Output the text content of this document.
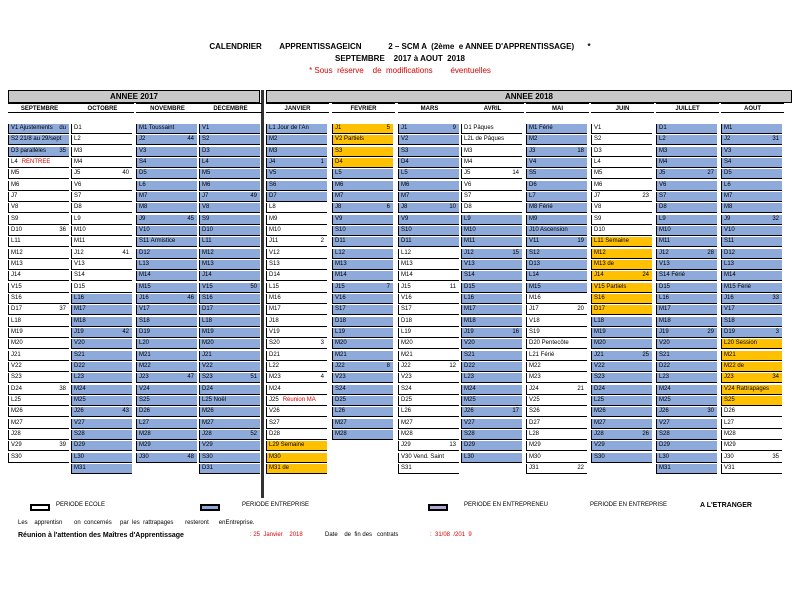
CALENDRIER        APPRENTISSAGEICN            2 – SCM A  (2ème  e ANNEE D'APPRENTISSAGE)      *
SEPTEMBRE    2017 à AOUT  2018
* Sous  réserve    de  modifications        éventuelles
ANNEE 2017	ANNEE 2018
SEPTEMBRE
V1 Ajustements du
S2 21/8 au 29/sept
D3 parallèles 35
L4 RENTREE
M5
M6
J7
V8
S9
D10	36
L11
M12
M13
J14
V15
S16
D17	37
L18
M19
M20
J21
V22
S23
D24	38
L25
M26
M27
J28
V29	39
S30
OCTOBRE
D1
L2
M3
M4
J5	40
V6
S7
D8
L9
M10
M11
J12	41
V13
S14
D15
L16
M17
M18
J19	42
V20
S21
D22
L23
M24
M25
J26	43
V27
S28
D29
L30
M31
NOVEMBRE
M1 Toussaint
J2	44
V3
S4
D5
L6
M7
M8
J9	45
V10
S11 Armistice
D12
L13
M14
M15
J16	46
V17
S18
D19
L20
M21
M22
J23	47
V24
S25
D26
L27
M28
M29
J30	48
DECEMBRE
V1
S2
D3
L4
M5
M6
J7	49
V8
S9
D10
L11
M12
M13
J14
V15	50
S16
D17
L18
M19
M20
J21
V22
S23	51
D24
L25 Noël
M26
M27
J28	52
V29
S30
D31
JANVIER
L1 Jour de l'An
M2
M3
J4	1
V5
S6
D7
L8
M9
M10
J11	2
V12
S13
D14
L15
M16
M17
J18
V19
S20	3
D21
L22
M23	4
M24
J25 Réunion MA
V26
S27
D28
L29 Semaine
M30
M31 de
FEVRIER
J1	5
V2 Partiels
S3
D4
L5
M6
M7
J8	6
V9
S10
D11
L12
M13
M14
J15	7
V16
S17
D18
L19
M20
M21
J22	8
V23
S24
D25
L26
M27
M28
MARS
J1	9
V2
S3
D4
L5
M6
M7
J8	10
V9
S10
D11
L12
M13
M14
J15	11
V16
S17
D18
L19
M20
M21
J22	12
V23
S24
D25
L26
M27
M28
J29	13
V30 Vend. Saint
S31
AVRIL
D1 Pâques
L2L de Pâques
M3
M4
J5	14
V6
S7
D8
L9
M10
M11
J12	15
V13
S14
D15
L16
M17
M18
J19	16
V20
S21
D22
L23
M24
M25
J26	17
V27
S28
D29
L30
MAI
M1 Férié
M2
J3	18
V4
S5
D6
L7
M8 Férié
M9
J10 Ascension
V11	19
S12
D13
L14
M15
M16
J17	20
V18
S19
D20 Pentecôte
L21 Férié
M22
M23
J24	21
V25
S26
D27
L28
M29
M30
J31	22
JUIN
V1
S2
D3
L4
M5
M6
J7	23
V8
S9
D10
L11 Semaine
M12
M13 de
J14	24
V15 Partiels
S16
D17
L18
M19
M20
J21	25
V22
S23
D24
L25
M26
M27
J28	26
V29
S30
JUILLET
D1
L2
M3
M4
J5	27
V6
S7
D8
L9
M10
M11
J12	28
V13
S14 Férié
D15
L16
M17
M18
J19	29
V20
S21
D22
L23
M24
M25
J26	30
V27
S28
D29
L30
M31
AOUT
M1
J2	31
V3
S4
D5
L6
M7
M8
J9	32
V10
S11
D12
L13
M14
M15 Férié
J16	33
V17
S18
D19	3
L20 Session
M21
M22 de
J23	34
V24 Rattrapages
S25
D26
L27
M28
M29
J30	35
V31
PERIODE ECOLE	PERIODE ENTREPRISE	PERIODE EN ENTREPRENEU	PERIODE EN ENTREPRISE	A L'ETRANGER
Les    apprentisn       on  concernés     par  les  rattrapages       resteront      enEntreprise.
Réunion à l'attention des Maîtres d'Apprentissage	: 25  Janvier    2018	Date    de  fin des   contrats	:  31/08  /201  9
